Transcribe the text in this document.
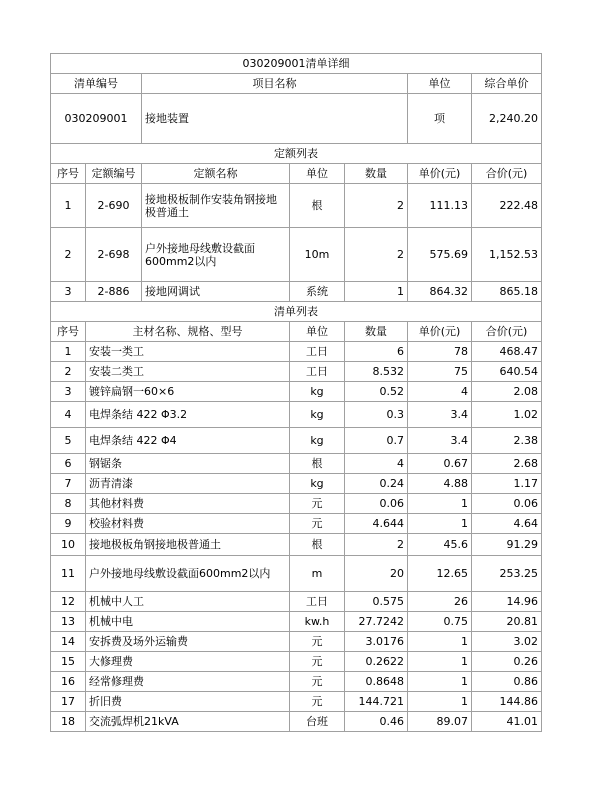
030209001清单详细						
清单编号		项目名称			单位	综合单价
030209001		接地装置			项	2,240.20
定额列表						
序号	定额编号	定额名称	单位	数量	单价(元)	合价(元)
1	2-690	接地极板制作安装角钢接地极普通土	根	2	111.13	222.48
2	2-698	户外接地母线敷设截面600mm2以内	10m	2	575.69	1,152.53
3	2-886	接地网调试	系统	1	864.32	865.18
清单列表						
序号	主材名称、规格、型号		单位	数量	单价(元)	合价(元)
1	安装一类工		工日	6	78	468.47
2	安装二类工		工日	8.532	75	640.54
3	镀锌扁钢一60×6		kg	0.52	4	2.08
4	电焊条结 422 Φ3.2		kg	0.3	3.4	1.02
5	电焊条结 422 Φ4		kg	0.7	3.4	2.38
6	钢锯条		根	4	0.67	2.68
7	沥青清漆		kg	0.24	4.88	1.17
8	其他材料费		元	0.06	1	0.06
9	校验材料费		元	4.644	1	4.64
10	接地极板角钢接地极普通土		根	2	45.6	91.29
11	户外接地母线敷设截面600mm2以内		m	20	12.65	253.25
12	机械中人工		工日	0.575	26	14.96
13	机械中电		kw.h	27.7242	0.75	20.81
14	安拆费及场外运输费		元	3.0176	1	3.02
15	大修理费		元	0.2622	1	0.26
16	经常修理费		元	0.8648	1	0.86
17	折旧费		元	144.721	1	144.86
18	交流弧焊机21kVA		台班	0.46	89.07	41.01
